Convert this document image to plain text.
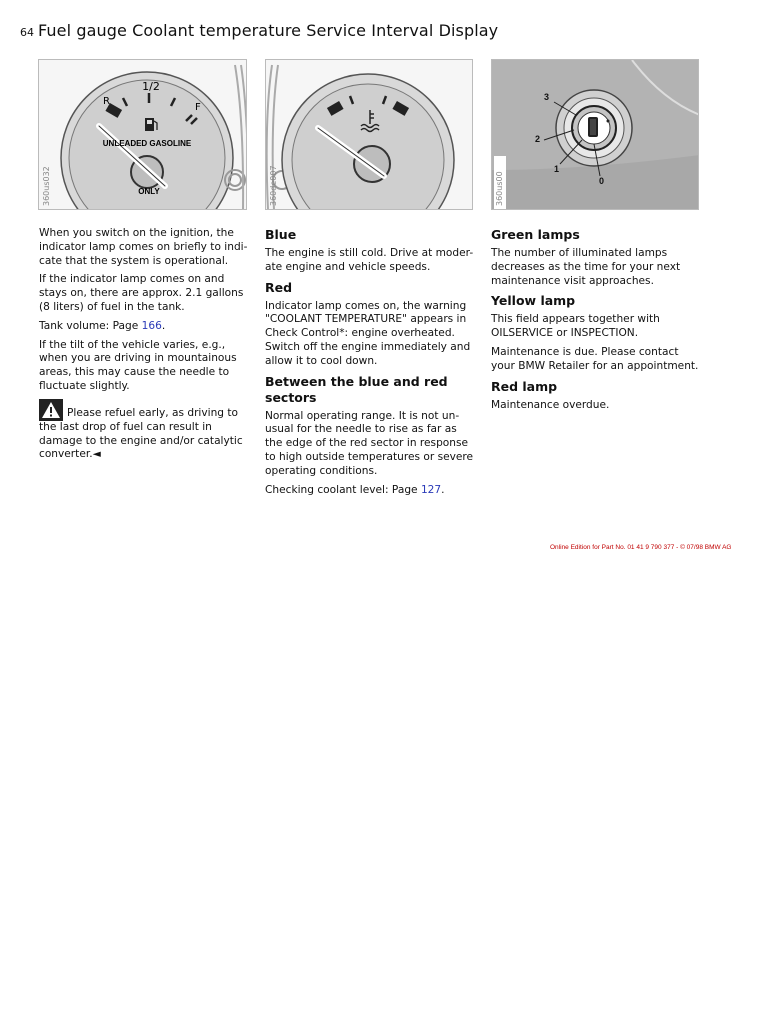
64 Fuel gauge Coolant temperature Service Interval Display
1/2
R
F
UNLEADED GASOLINE
ONLY
360us032	360de007
3
2
1
0
360us00

When you switch on the ignition, the indicator lamp comes on briefly to indi-cate that the system is operational.

If the indicator lamp comes on and stays on, there are approx. 2.1 gallons (8 liters) of fuel in the tank.

Tank volume: Page 166.

If the tilt of the vehicle varies, e.g., when you are driving in mountainous areas, this may cause the needle to fluctuate slightly.

Please refuel early, as driving to the last drop of fuel can result in damage to the engine and/or catalytic converter.◄

Blue

The engine is still cold. Drive at moder-ate engine and vehicle speeds.

Red

Indicator lamp comes on, the warning "COOLANT TEMPERATURE" appears in Check Control*: engine overheated. Switch off the engine immediately and allow it to cool down.

Between the blue and red sectors

Normal operating range. It is not un-usual for the needle to rise as far as the edge of the red sector in response to high outside temperatures or severe operating conditions.

Checking coolant level: Page 127.

Green lamps

The number of illuminated lamps decreases as the time for your next maintenance visit approaches.

Yellow lamp

This field appears together with OILSERVICE or INSPECTION.

Maintenance is due. Please contact your BMW Retailer for an appointment.

Red lamp

Maintenance overdue.

Online Edition for Part No. 01 41 9 790 377 - © 07/98 BMW AG
